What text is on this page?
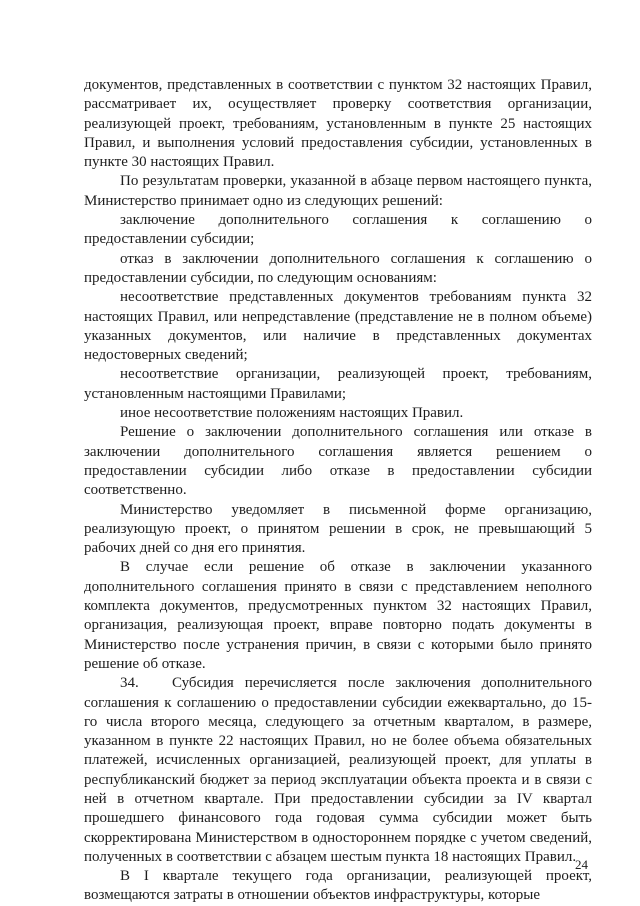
документов, представленных в соответствии с пунктом 32 настоящих Правил, рассматривает их, осуществляет проверку соответствия организации, реализующей проект, требованиям, установленным в пункте 25 настоящих Правил, и выполнения условий предоставления субсидии, установленных в пункте 30 настоящих Правил.

По результатам проверки, указанной в абзаце первом настоящего пункта, Министерство принимает одно из следующих решений:

заключение дополнительного соглашения к соглашению о предоставлении субсидии;

отказ в заключении дополнительного соглашения к соглашению о предоставлении субсидии, по следующим основаниям:

несоответствие представленных документов требованиям пункта 32 настоящих Правил, или непредставление (представление не в полном объеме) указанных документов, или наличие в представленных документах недостоверных сведений;

несоответствие организации, реализующей проект, требованиям, установленным настоящими Правилами;

иное несоответствие положениям настоящих Правил.

Решение о заключении дополнительного соглашения или отказе в заключении дополнительного соглашения является решением о предоставлении субсидии либо отказе в предоставлении субсидии соответственно.

Министерство уведомляет в письменной форме организацию, реализующую проект, о принятом решении в срок, не превышающий 5 рабочих дней со дня его принятия.

В случае если решение об отказе в заключении указанного дополнительного соглашения принято в связи с представлением неполного комплекта документов, предусмотренных пунктом 32 настоящих Правил, организация, реализующая проект, вправе повторно подать документы в Министерство после устранения причин, в связи с которыми было принято решение об отказе.

34. Субсидия перечисляется после заключения дополнительного соглашения к соглашению о предоставлении субсидии ежеквартально, до 15-го числа второго месяца, следующего за отчетным кварталом, в размере, указанном в пункте 22 настоящих Правил, но не более объема обязательных платежей, исчисленных организацией, реализующей проект, для уплаты в республиканский бюджет за период эксплуатации объекта проекта и в связи с ней в отчетном квартале. При предоставлении субсидии за IV квартал прошедшего финансового года годовая сумма субсидии может быть скорректирована Министерством в одностороннем порядке с учетом сведений, полученных в соответствии с абзацем шестым пункта 18 настоящих Правил.

В I квартале текущего года организации, реализующей проект, возмещаются затраты в отношении объектов инфраструктуры, которые

24
